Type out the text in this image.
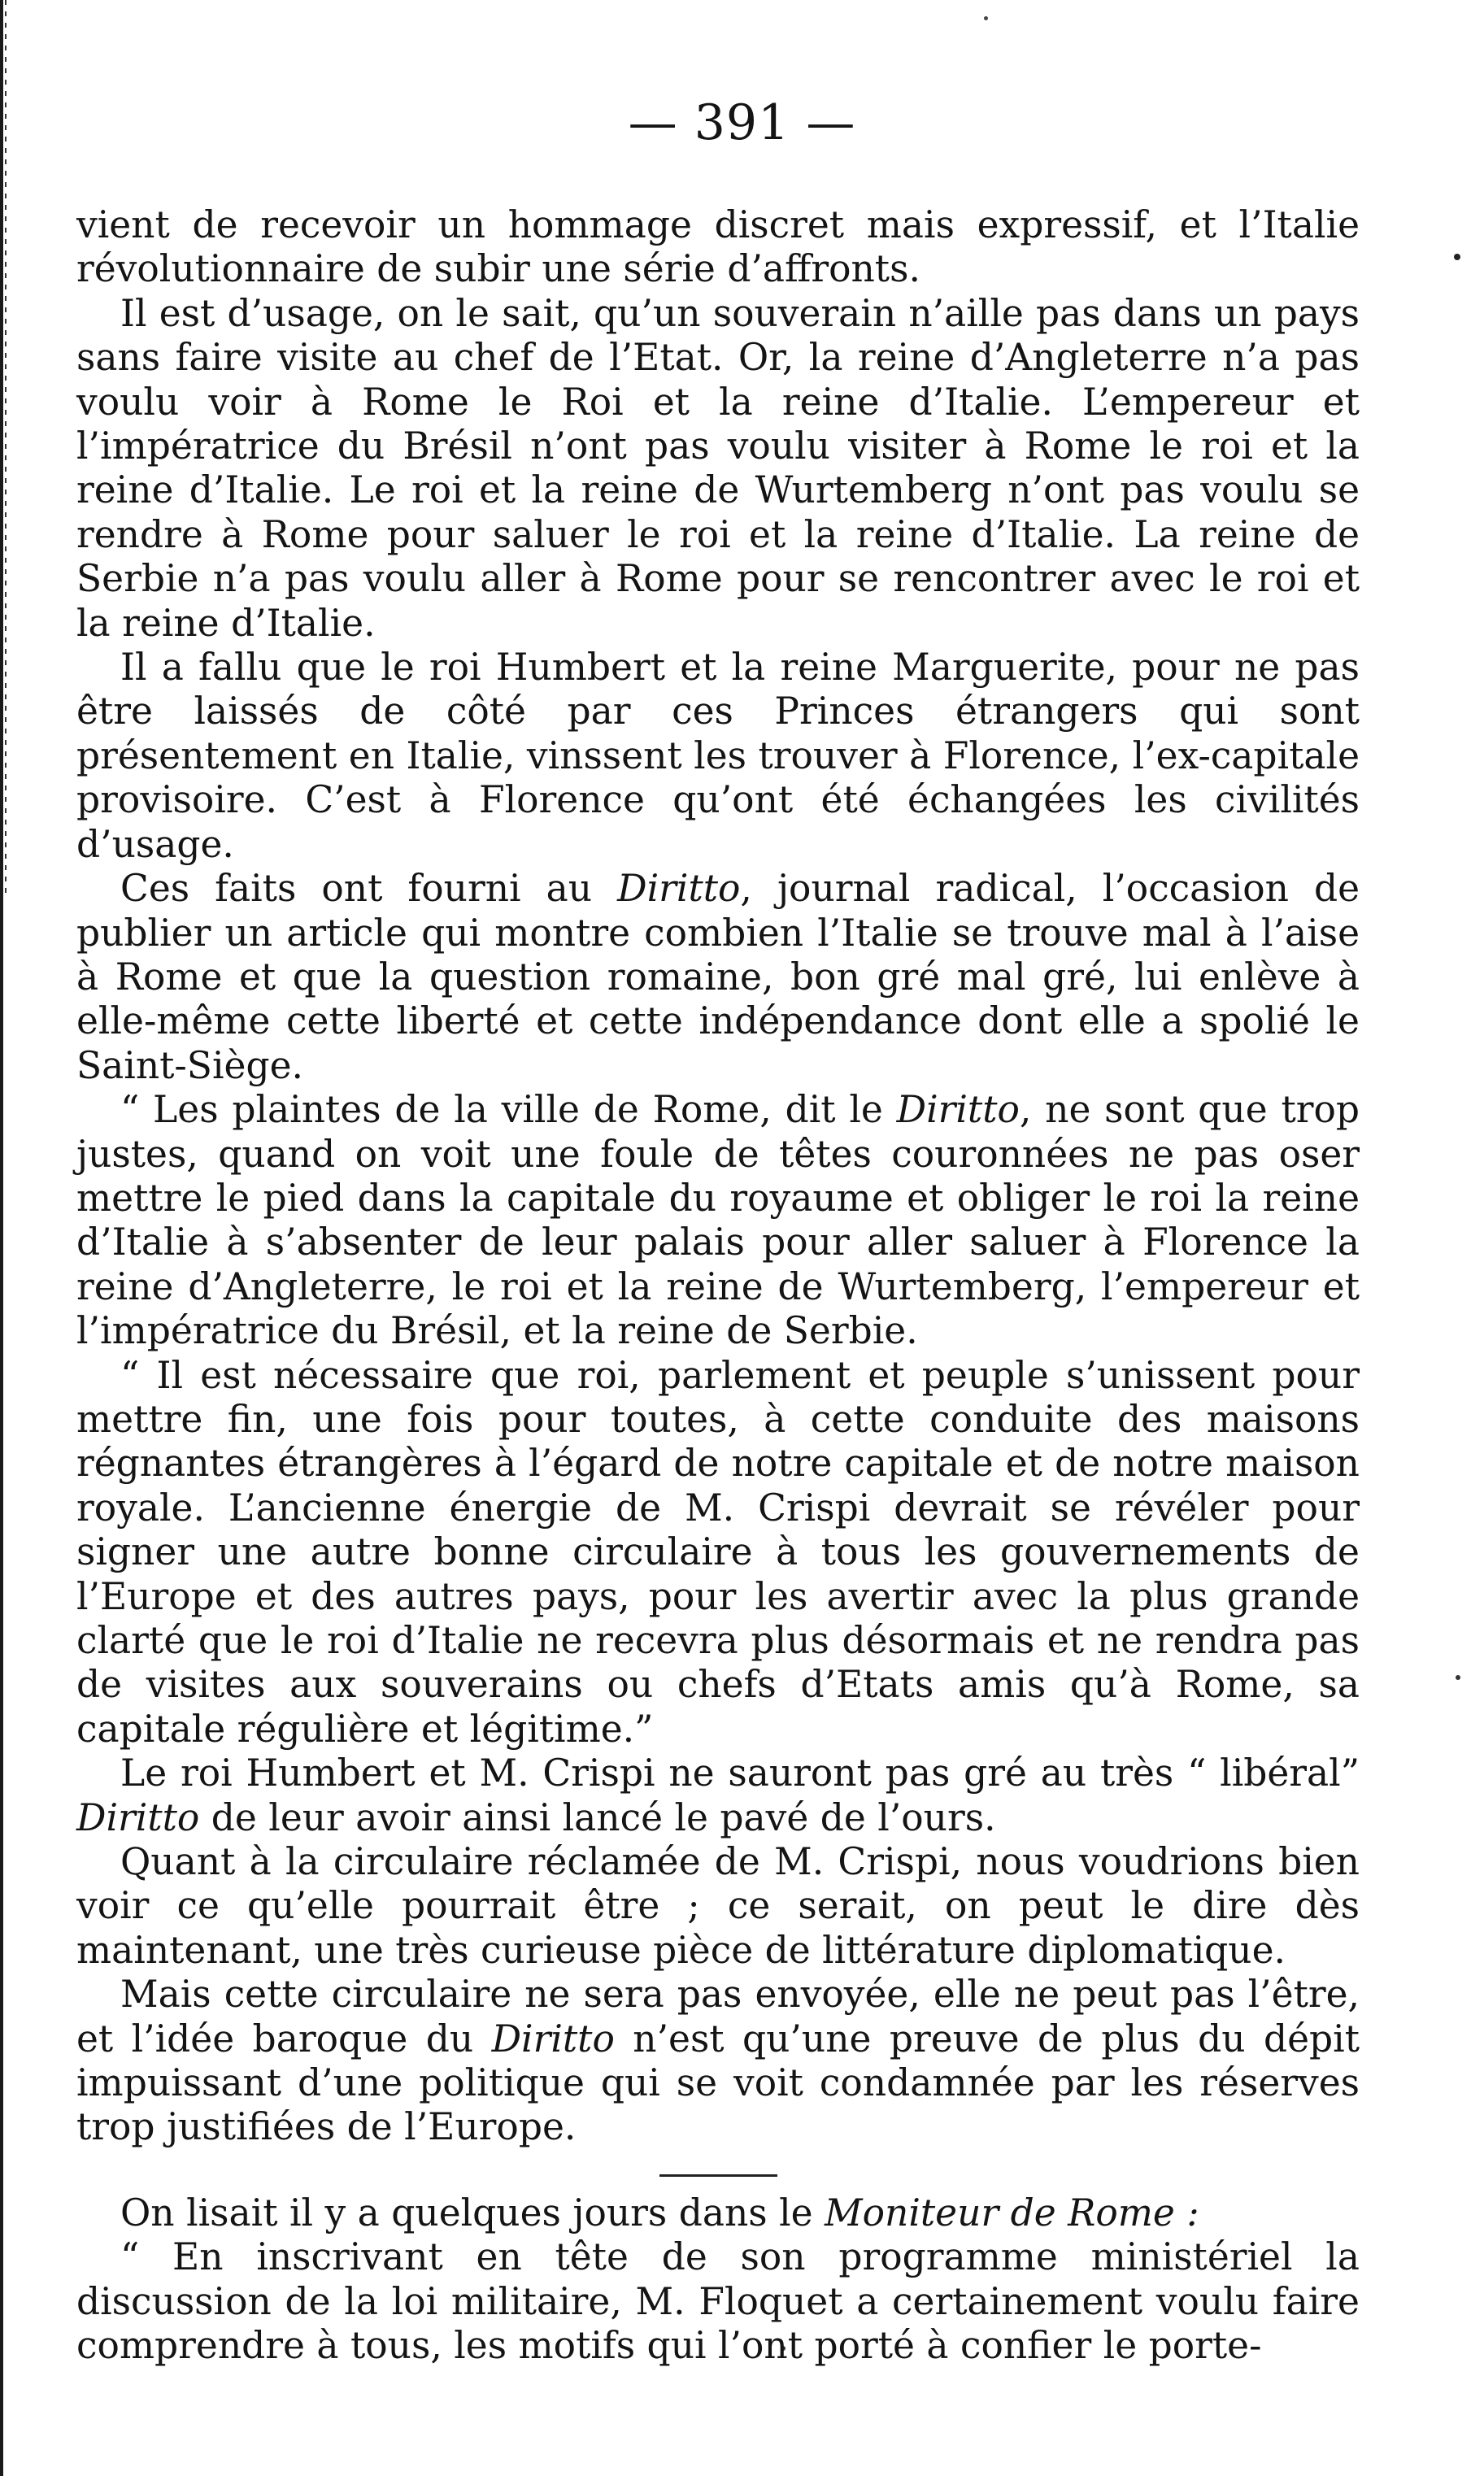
— 391 —

vient de recevoir un hommage discret mais expressif, et l’Italie révolutionnaire de subir une série d’affronts.

Il est d’usage, on le sait, qu’un souverain n’aille pas dans un pays sans faire visite au chef de l’Etat. Or, la reine d’Angleterre n’a pas voulu voir à Rome le Roi et la reine d’Italie. L’empereur et l’impératrice du Brésil n’ont pas voulu visiter à Rome le roi et la reine d’Italie. Le roi et la reine de Wurtemberg n’ont pas voulu se rendre à Rome pour saluer le roi et la reine d’Italie. La reine de Serbie n’a pas voulu aller à Rome pour se rencontrer avec le roi et la reine d’Italie.

Il a fallu que le roi Humbert et la reine Marguerite, pour ne pas être laissés de côté par ces Princes étrangers qui sont présentement en Italie, vinssent les trouver à Florence, l’ex-capitale provisoire. C’est à Florence qu’ont été échangées les civilités d’usage.

Ces faits ont fourni au Diritto, journal radical, l’occasion de publier un article qui montre combien l’Italie se trouve mal à l’aise à Rome et que la question romaine, bon gré mal gré, lui enlève à elle-même cette liberté et cette indépendance dont elle a spolié le Saint-Siège.

“ Les plaintes de la ville de Rome, dit le Diritto, ne sont que trop justes, quand on voit une foule de têtes couronnées ne pas oser mettre le pied dans la capitale du royaume et obliger le roi la reine d’Italie à s’absenter de leur palais pour aller saluer à Florence la reine d’Angleterre, le roi et la reine de Wurtemberg, l’empereur et l’impératrice du Brésil, et la reine de Serbie.

“ Il est nécessaire que roi, parlement et peuple s’unissent pour mettre fin, une fois pour toutes, à cette conduite des maisons régnantes étrangères à l’égard de notre capitale et de notre maison royale. L’ancienne énergie de M. Crispi devrait se révéler pour signer une autre bonne circulaire à tous les gouvernements de l’Europe et des autres pays, pour les avertir avec la plus grande clarté que le roi d’Italie ne recevra plus désormais et ne rendra pas de visites aux souverains ou chefs d’Etats amis qu’à Rome, sa capitale régulière et légitime.”

Le roi Humbert et M. Crispi ne sauront pas gré au très “ libéral” Diritto de leur avoir ainsi lancé le pavé de l’ours.

Quant à la circulaire réclamée de M. Crispi, nous voudrions bien voir ce qu’elle pourrait être ; ce serait, on peut le dire dès maintenant, une très curieuse pièce de littérature diplomatique.

Mais cette circulaire ne sera pas envoyée, elle ne peut pas l’être, et l’idée baroque du Diritto n’est qu’une preuve de plus du dépit impuissant d’une politique qui se voit condamnée par les réserves trop justifiées de l’Europe.

On lisait il y a quelques jours dans le Moniteur de Rome :

“ En inscrivant en tête de son programme ministériel la discussion de la loi militaire, M. Floquet a certainement voulu faire comprendre à tous, les motifs qui l’ont porté à confier le porte-
